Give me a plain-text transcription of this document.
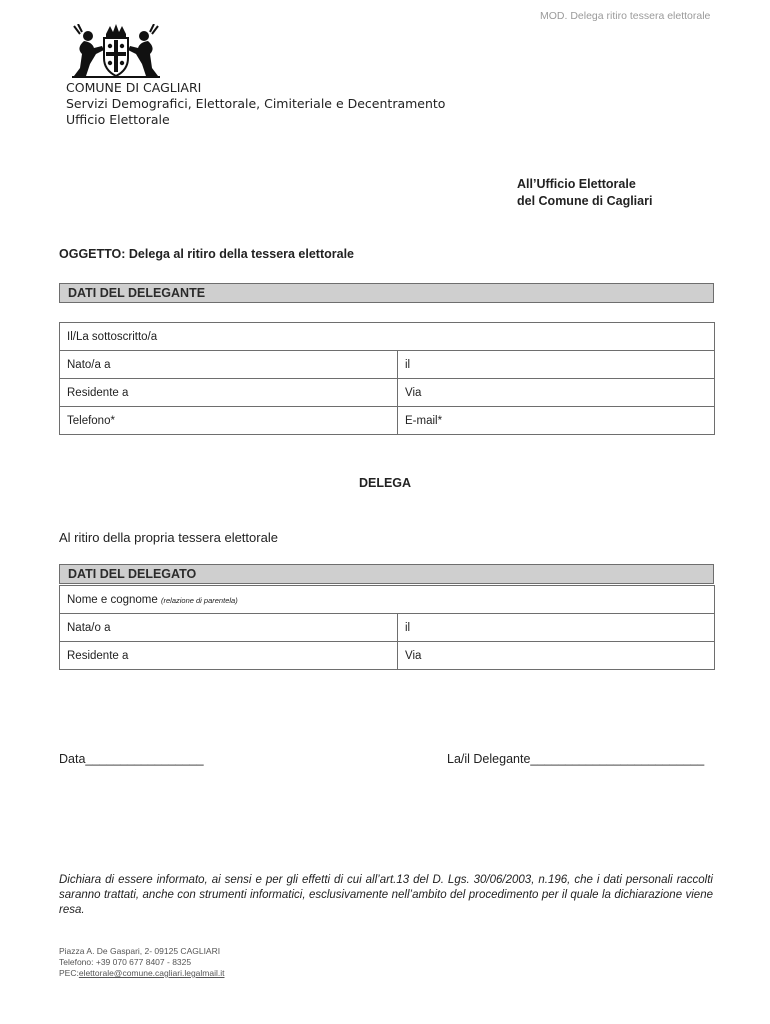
MOD. Delega ritiro tessera elettorale
COMUNE DI CAGLIARI
Servizi Demografici, Elettorale, Cimiteriale e Decentramento
Ufficio Elettorale
All’Ufficio Elettorale
del Comune di Cagliari
OGGETTO: Delega al ritiro della tessera elettorale
DATI DEL DELEGANTE
Il/La sottoscritto/a	
Nato/a a	il
Residente a	Via
Telefono*	E-mail*
DELEGA
Al ritiro della propria tessera elettorale
DATI DEL DELEGATO
Nome e cognome (relazione di parentela)	
Nata/o a	il
Residente a	Via
Data_________________	La/il Delegante_________________________
Dichiara di essere informato, ai sensi e per gli effetti di cui all’art.13 del D. Lgs. 30/06/2003, n.196, che i dati personali raccolti saranno trattati, anche con strumenti informatici, esclusivamente nell’ambito del procedimento per il quale la dichiarazione viene resa.
Piazza A. De Gaspari, 2- 09125 CAGLIARI
Telefono: +39 070 677 8407 - 8325
PEC:elettorale@comune.cagliari.legalmail.it
